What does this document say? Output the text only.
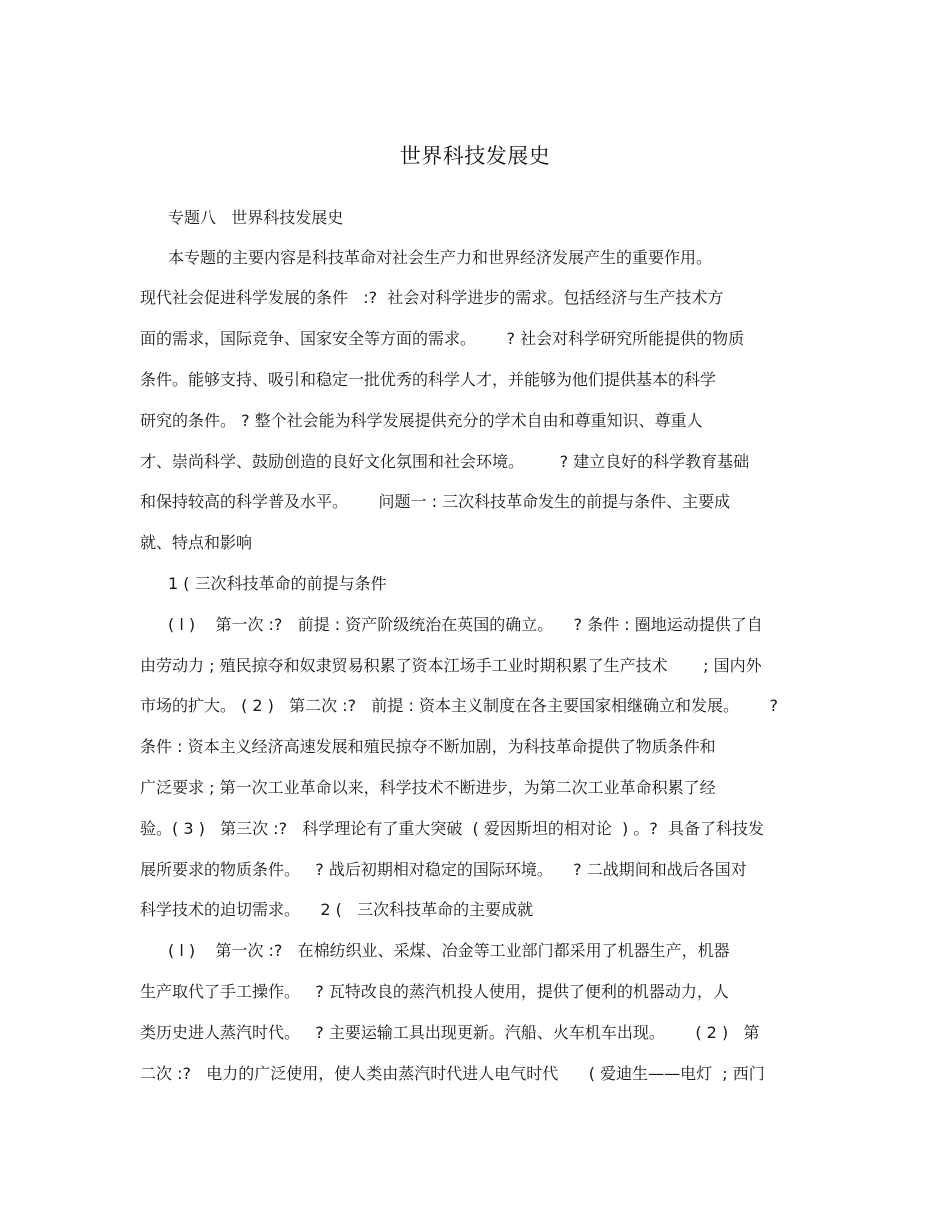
世界科技发展史
专题八   世界科技发展史
本专题的主要内容是科技革命对社会生产力和世界经济发展产生的重要作用。
现代社会促进科学发展的条件   :?  社会对科学进步的需求。包括经济与生产技术方
面的需求，国际竞争、国家安全等方面的需求。      ? 社会对科学研究所能提供的物质
条件。能够支持、吸引和稳定一批优秀的科学人才，并能够为他们提供基本的科学
研究的条件。 ? 整个社会能为科学发展提供充分的学术自由和尊重知识、尊重人
才、崇尚科学、鼓励创造的良好文化氛围和社会环境。       ? 建立良好的科学教育基础
和保持较高的科学普及水平。      问题一 : 三次科技革命发生的前提与条件、主要成
就、特点和影响
1 ( 三次科技革命的前提与条件
( l )    第一次 :?   前提 : 资产阶级统治在英国的确立。    ? 条件 : 圈地运动提供了自
由劳动力 ; 殖民掠夺和奴隶贸易积累了资本江场手工业时期积累了生产技术       ; 国内外
市场的扩大。 ( 2 )   第二次 :?   前提 : 资本主义制度在各主要国家相继确立和发展。      ?
条件 : 资本主义经济高速发展和殖民掠夺不断加剧，为科技革命提供了物质条件和
广泛要求 ; 第一次工业革命以来，科学技术不断进步，为第二次工业革命积累了经
验。( 3 )   第三次 :?   科学理论有了重大突破  ( 爱因斯坦的相对论  ) 。?  具备了科技发
展所要求的物质条件。   ? 战后初期相对稳定的国际环境。    ? 二战期间和战后各国对
科学技术的迫切需求。    2 (   三次科技革命的主要成就
( l )    第一次 :?   在棉纺织业、采煤、冶金等工业部门都采用了机器生产，机器
生产取代了手工操作。   ? 瓦特改良的蒸汽机投人使用，提供了便利的机器动力，人
类历史进人蒸汽时代。   ? 主要运输工具出现更新。汽船、火车机车出现。      ( 2 )   第
二次 :?   电力的广泛使用，使人类由蒸汽时代进人电气时代      ( 爱迪生——电灯  ; 西门
